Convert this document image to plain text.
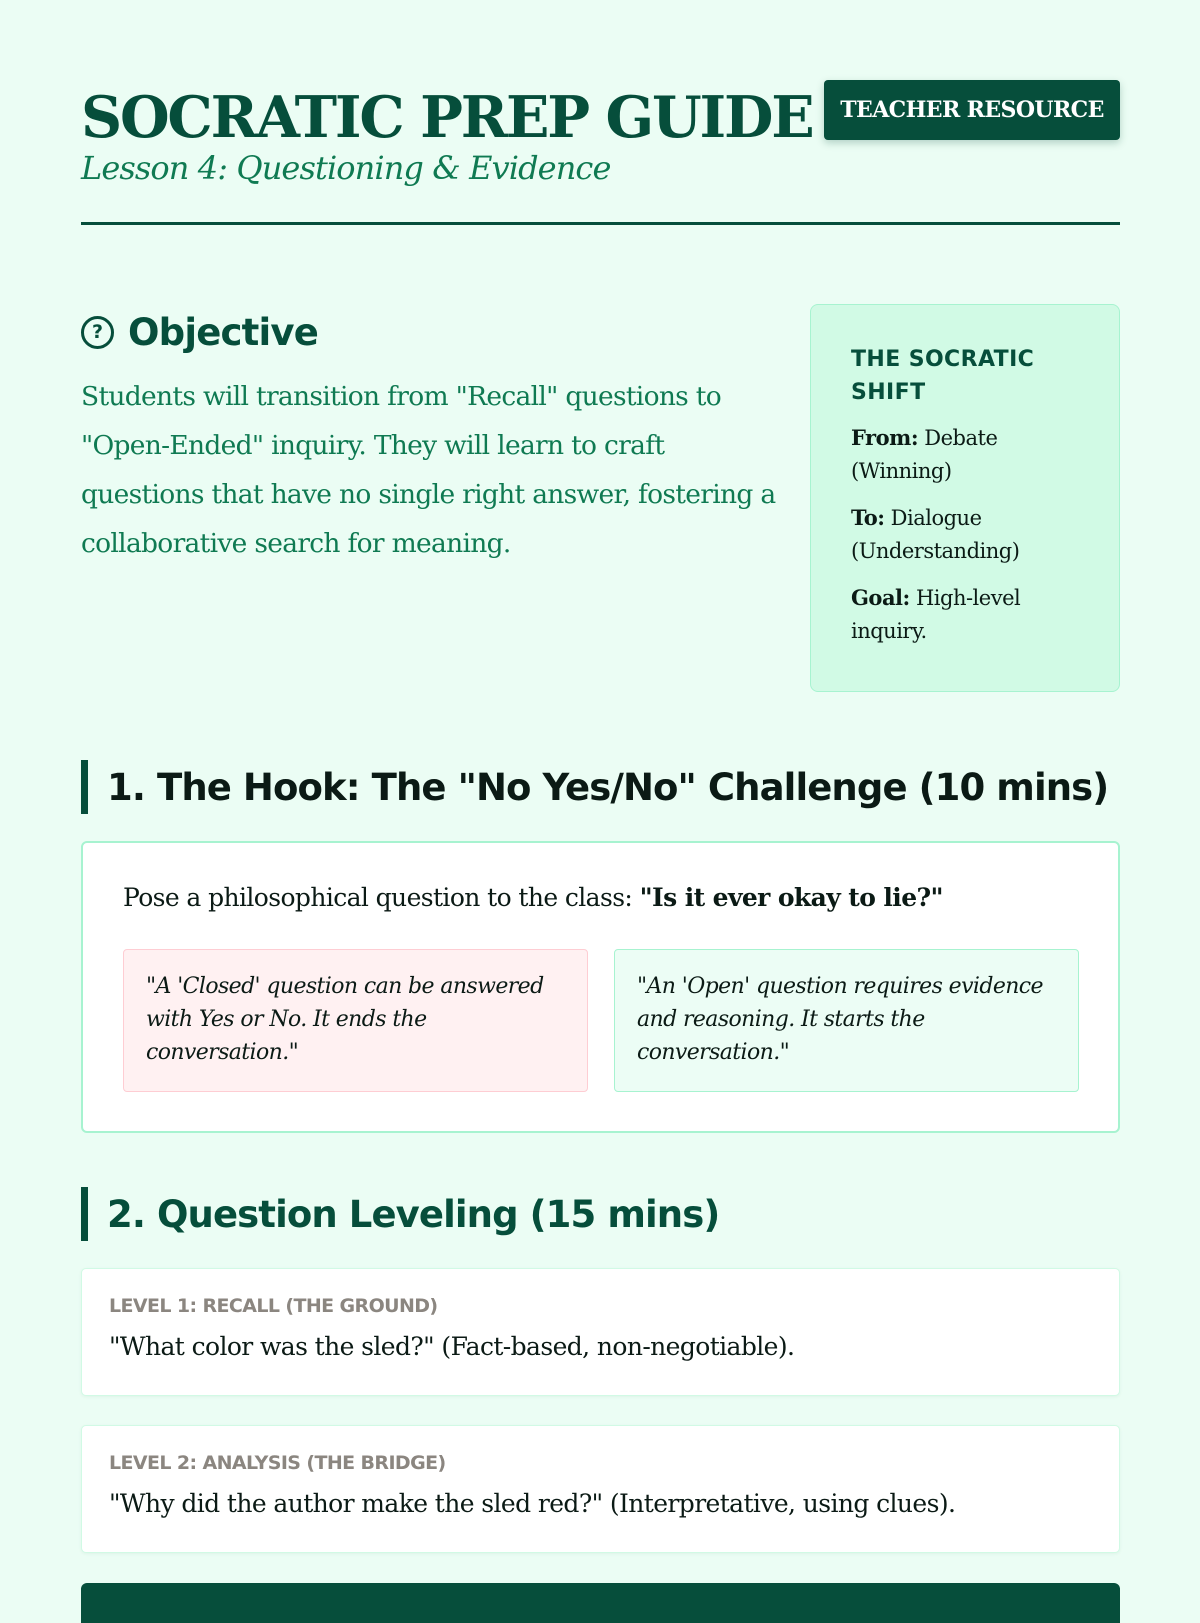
SOCRATIC PREP GUIDE

Lesson 4: Questioning & Evidence

TEACHER RESOURCE
? Objective

Students will transition from "Recall" questions to "Open-Ended" inquiry. They will learn to craft questions that have no single right answer, fostering a collaborative search for meaning.

THE SOCRATIC SHIFT
From: Debate (Winning)
To: Dialogue (Understanding)
Goal: High-level inquiry.
1. The Hook: The "No Yes/No" Challenge (10 mins)

Pose a philosophical question to the class: "Is it ever okay to lie?"

"A 'Closed' question can be answered with Yes or No. It ends the conversation."
"An 'Open' question requires evidence and reasoning. It starts the conversation."
2. Question Leveling (15 mins)

LEVEL 1: RECALL (THE GROUND)

"What color was the sled?" (Fact-based, non-negotiable).

LEVEL 2: ANALYSIS (THE BRIDGE)

"Why did the author make the sled red?" (Interpretative, using clues).
